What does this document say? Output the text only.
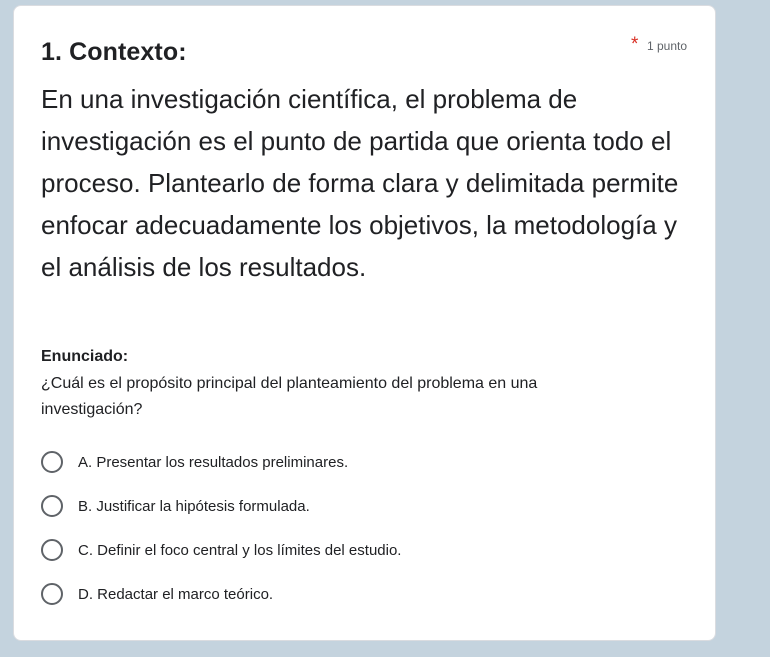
1. Contexto:	* 1 punto
En una investigación científica, el problema de investigación es el punto de partida que orienta todo el proceso. Plantearlo de forma clara y delimitada permite enfocar adecuadamente los objetivos, la metodología y el análisis de los resultados.
Enunciado:
¿Cuál es el propósito principal del planteamiento del problema en una investigación?
A. Presentar los resultados preliminares.
B. Justificar la hipótesis formulada.
C. Definir el foco central y los límites del estudio.
D. Redactar el marco teórico.
